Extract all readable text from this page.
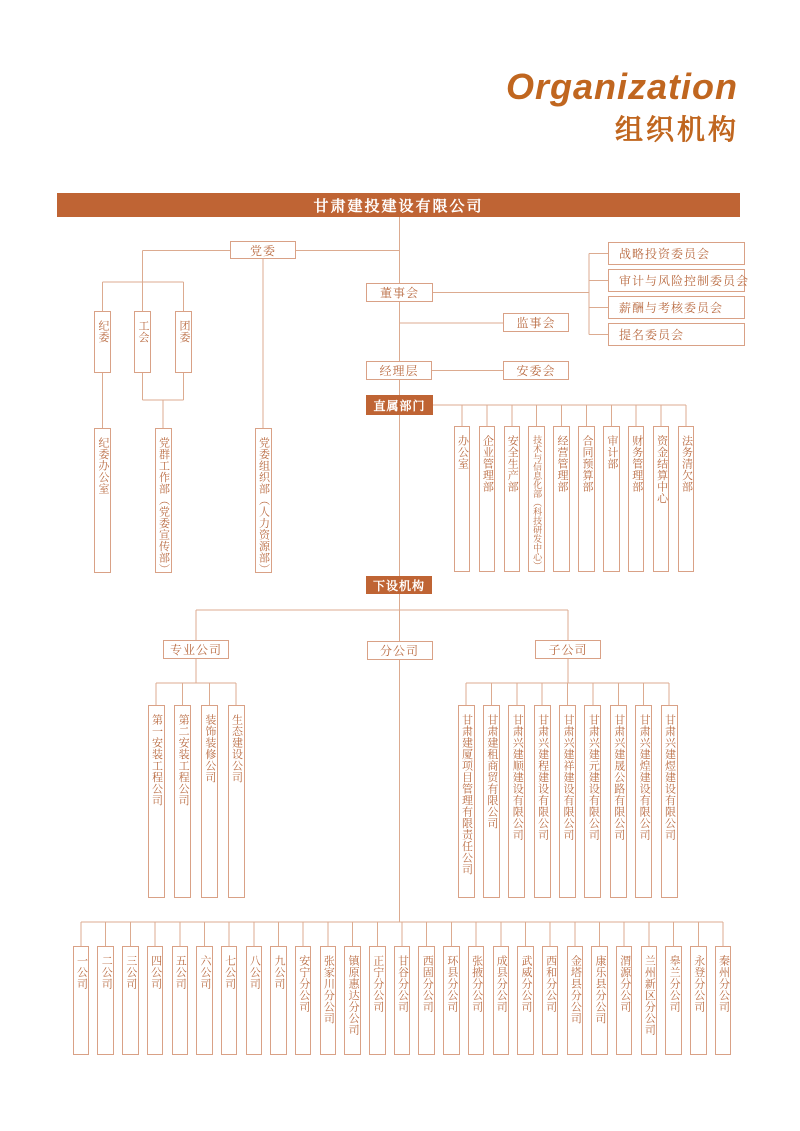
Organization
组织机构
甘肃建投建设有限公司
党委
董事会
监事会
经理层	安委会
战略投资委员会
审计与风险控制委员会
薪酬与考核委员会
提名委员会
直属部门
下设机构
专业公司	分公司	子公司
纪委	工会	团委
纪委办公室	党群工作部（党委宣传部）	党委组织部（人力资源部）	办公室 企业管理部 安全生产部	技术与信息化部（科技研发中心） 经营管理部 合同预算部 审计部 财务管理部 资金结算中心 法务清欠部
第一安装工程公司 第二安装工程公司 装饰装修公司 生态建设公司	甘肃建厦项目管理有限责任公司 甘肃建租商贸有限公司 甘肃兴建顺建设有限公司 甘肃兴建程建设有限公司 甘肃兴建祥建设有限公司 甘肃兴建元建设有限公司 甘肃兴建晟公路有限公司 甘肃兴建煌建设有限公司 甘肃兴建煜建设有限公司
一公司 二公司 三公司 四公司 五公司 六公司 七公司 八公司 九公司 安宁分公司 张家川分公司 镇原惠达分公司 正宁分公司 甘谷分公司 西固分公司 环县分公司 张掖分公司 成县分公司 武威分公司 西和分公司 金塔县分公司 康乐县分公司 渭源分公司 兰州新区分公司 皋兰分公司 永登分公司 秦州分公司
